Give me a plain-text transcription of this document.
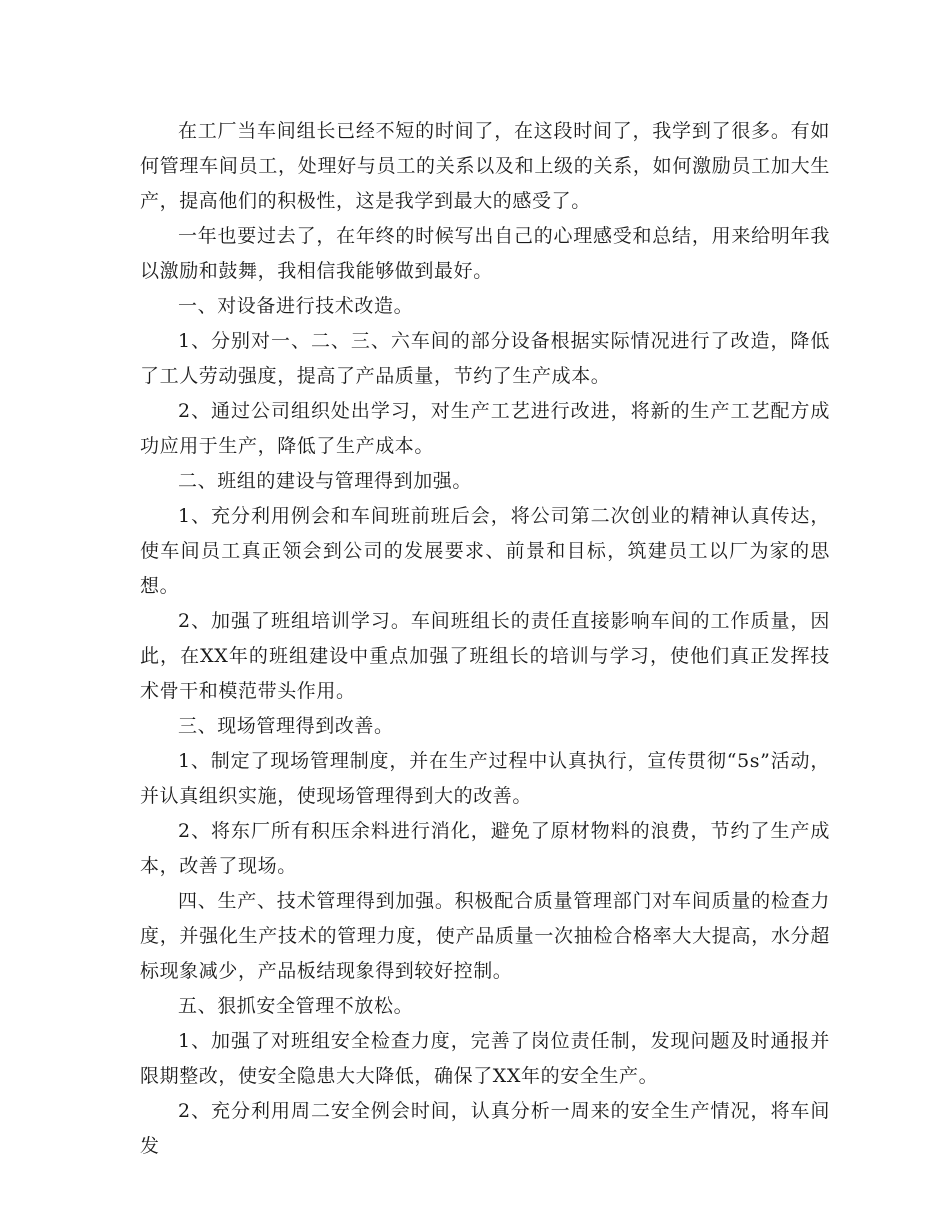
在工厂当车间组长已经不短的时间了，在这段时间了，我学到了很多。有如何管理车间员工，处理好与员工的关系以及和上级的关系，如何激励员工加大生产，提高他们的积极性，这是我学到最大的感受了。

一年也要过去了，在年终的时候写出自己的心理感受和总结，用来给明年我以激励和鼓舞，我相信我能够做到最好。

一、对设备进行技术改造。

1、分别对一、二、三、六车间的部分设备根据实际情况进行了改造，降低了工人劳动强度，提高了产品质量，节约了生产成本。

2、通过公司组织处出学习，对生产工艺进行改进，将新的生产工艺配方成功应用于生产，降低了生产成本。

二、班组的建设与管理得到加强。

1、充分利用例会和车间班前班后会，将公司第二次创业的精神认真传达，使车间员工真正领会到公司的发展要求、前景和目标，筑建员工以厂为家的思想。

2、加强了班组培训学习。车间班组长的责任直接影响车间的工作质量，因此，在XX年的班组建设中重点加强了班组长的培训与学习，使他们真正发挥技术骨干和模范带头作用。

三、现场管理得到改善。

1、制定了现场管理制度，并在生产过程中认真执行，宣传贯彻“5s”活动，并认真组织实施，使现场管理得到大的改善。

2、将东厂所有积压余料进行消化，避免了原材物料的浪费，节约了生产成本，改善了现场。

四、生产、技术管理得到加强。积极配合质量管理部门对车间质量的检查力度，并强化生产技术的管理力度，使产品质量一次抽检合格率大大提高，水分超标现象减少，产品板结现象得到较好控制。

五、狠抓安全管理不放松。

1、加强了对班组安全检查力度，完善了岗位责任制，发现问题及时通报并限期整改，使安全隐患大大降低，确保了XX年的安全生产。

2、充分利用周二安全例会时间，认真分析一周来的安全生产情况，将车间发
